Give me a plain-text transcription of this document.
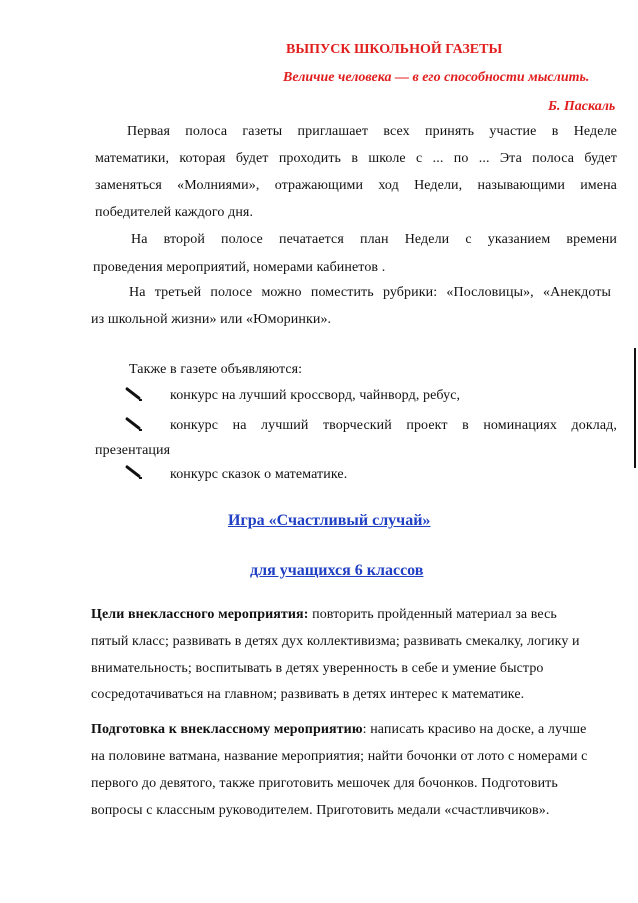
ВЫПУСК ШКОЛЬНОЙ ГАЗЕТЫ
Величие человека — в его способности мыслить.
Б. Паскаль
Первая полоса газеты приглашает всех принять участие в Неделе
математики, которая будет проходить в школе с ... по ... Эта полоса будет
заменяться «Молниями», отражающими ход Недели, называющими имена
победителей каждого дня.
На второй полосе печатается план Недели с указанием времени
проведения мероприятий, номерами кабинетов .
На третьей полосе можно поместить рубрики: «Пословицы», «Анекдоты
из школьной жизни» или «Юморинки».
Также в газете объявляются:
конкурс на лучший кроссворд, чайнворд, ребус,
конкурс на лучший творческий проект в номинациях доклад,
презентация
конкурс сказок о математике.
Игра «Счастливый случай»
для учащихся 6 классов
Цели внеклассного мероприятия: повторить пройденный материал за весь
пятый класс; развивать в детях дух коллективизма; развивать смекалку, логику и
внимательность; воспитывать в детях уверенность в себе и умение быстро
сосредотачиваться на главном; развивать в детях интерес к математике.
Подготовка к внеклассному мероприятию: написать красиво на доске, а лучше
на половине ватмана, название мероприятия; найти бочонки от лото с номерами с
первого до девятого, также приготовить мешочек для бочонков. Подготовить
вопросы с классным руководителем. Приготовить медали «счастливчиков».
